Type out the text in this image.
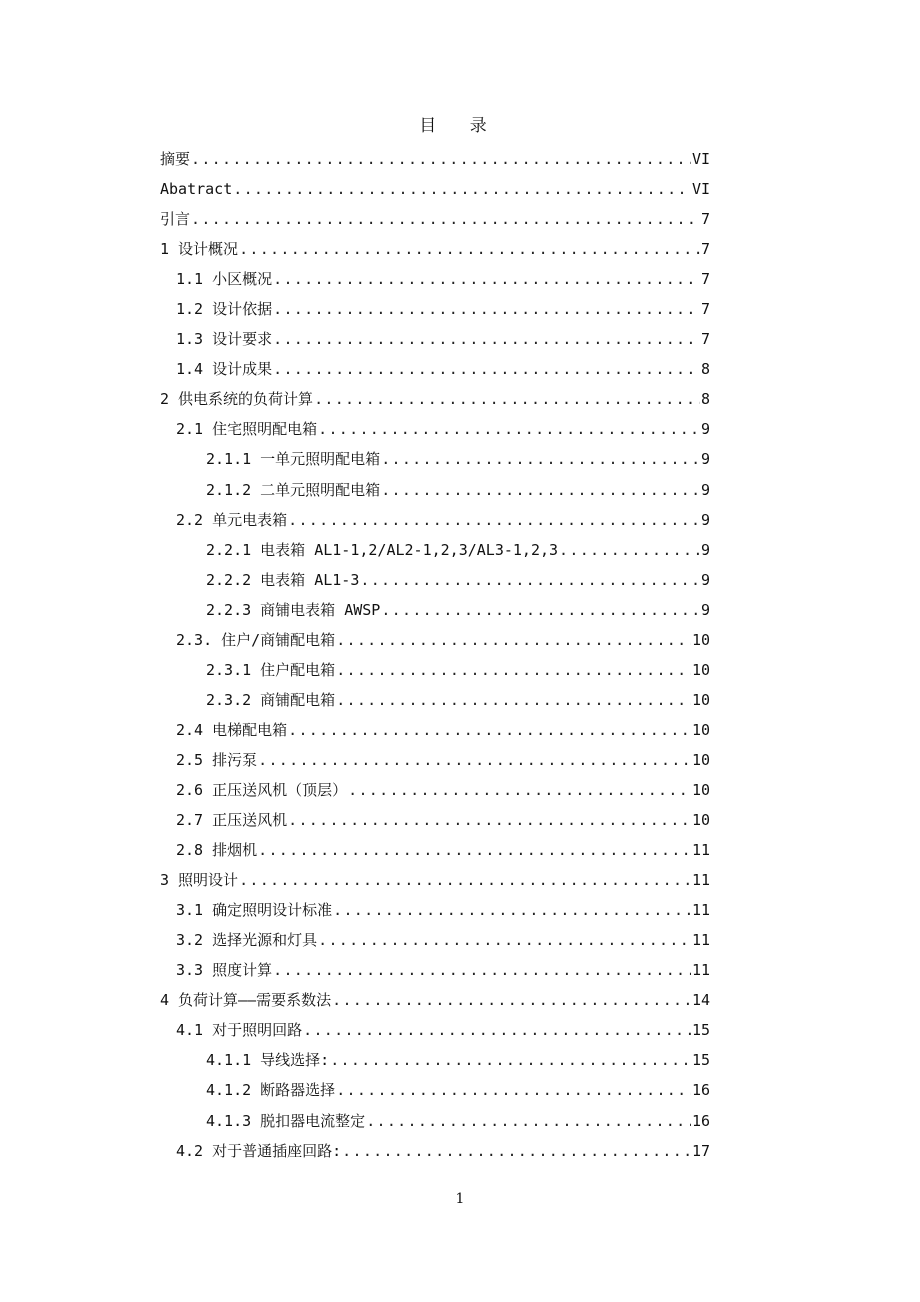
目 录
摘要 .....	VI
Abatract .....	VI
引言 .....	7
1 设计概况 .....	7
1.1 小区概况 .....	7
1.2 设计依据 .....	7
1.3 设计要求 .....	7
1.4 设计成果 .....	8
2 供电系统的负荷计算 .....	8
2.1 住宅照明配电箱 .....	9
2.1.1 一单元照明配电箱 .....	9
2.1.2 二单元照明配电箱 .....	9
2.2 单元电表箱 .....	9
2.2.1 电表箱 AL1-1,2/AL2-1,2,3/AL3-1,2,3 .....	9
2.2.2 电表箱 AL1-3 .....	9
2.2.3 商铺电表箱 AWSP .....	9
2.3. 住户/商铺配电箱 .....	10
2.3.1 住户配电箱 .....	10
2.3.2 商铺配电箱 .....	10
2.4 电梯配电箱 .....	10
2.5 排污泵 .....	10
2.6 正压送风机（顶层） .....	10
2.7 正压送风机 .....	10
2.8 排烟机 .....	11
3 照明设计 .....	11
3.1 确定照明设计标准 .....	11
3.2 选择光源和灯具 .....	11
3.3 照度计算 .....	11
4 负荷计算——需要系数法 .....	14
4.1 对于照明回路 .....	15
4.1.1 导线选择: .....	15
4.1.2 断路器选择 .....	16
4.1.3 脱扣器电流整定 .....	16
4.2 对于普通插座回路: .....	17
1
